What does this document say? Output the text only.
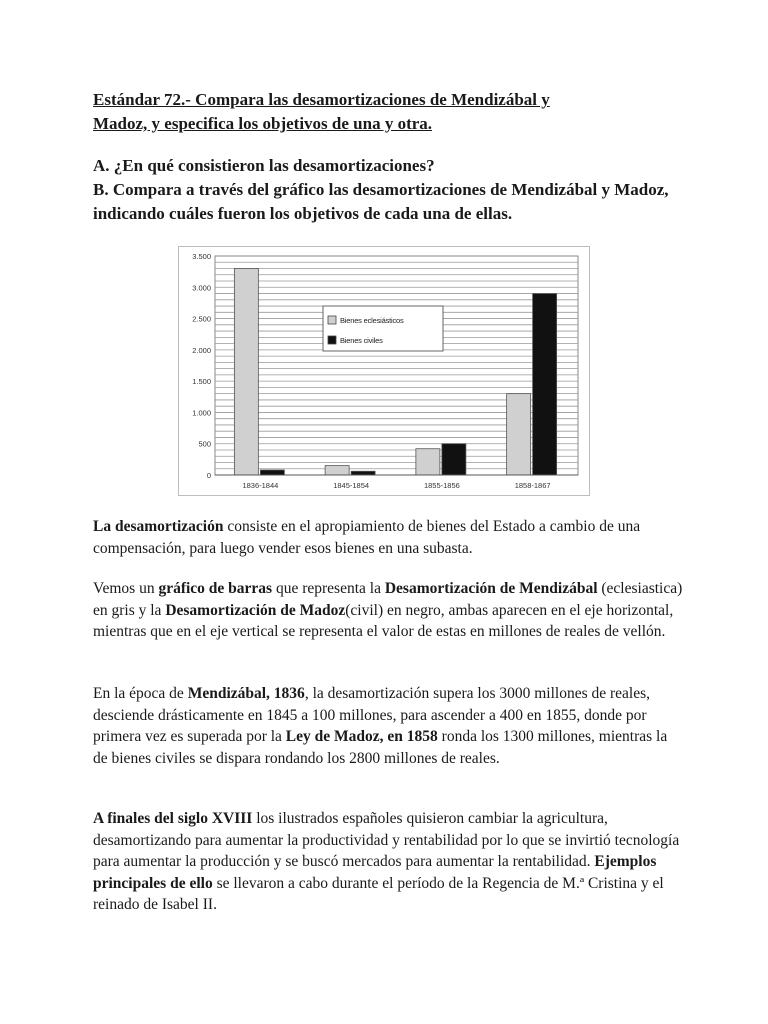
Estándar 72.- Compara las desamortizaciones de Mendizábal y
Madoz, y especifica los objetivos de una y otra.
A. ¿En qué consistieron las desamortizaciones?
B. Compara a través del gráfico las desamortizaciones de Mendizábal y Madoz, indicando cuáles fueron los objetivos de cada una de ellas.
0
500
1.000
1.500
2.000
2.500
3.000
3.500
1836-1844	1845-1854	1855-1856	1858-1867
Bienes eclesiásticos
Bienes civiles

La desamortización consiste en el apropiamiento de bienes del Estado a cambio de una compensación, para luego vender esos bienes en una subasta.

Vemos un gráfico de barras que representa la Desamortización de Mendizábal (eclesiastica) en gris y la Desamortización de Madoz(civil) en negro, ambas aparecen en el eje horizontal, mientras que en el eje vertical se representa el valor de estas en millones de reales de vellón.

En la época de Mendizábal, 1836, la desamortización supera los 3000 millones de reales, desciende drásticamente en 1845 a 100 millones, para ascender a 400 en 1855, donde por primera vez es superada por la Ley de Madoz, en 1858 ronda los 1300 millones, mientras la de bienes civiles se dispara rondando los 2800 millones de reales.

A finales del siglo XVIII los ilustrados españoles quisieron cambiar la agricultura, desamortizando para aumentar la productividad y rentabilidad por lo que se invirtió tecnología para aumentar la producción y se buscó mercados para aumentar la rentabilidad. Ejemplos principales de ello se llevaron a cabo durante el período de la Regencia de M.ª Cristina y el reinado de Isabel II.
